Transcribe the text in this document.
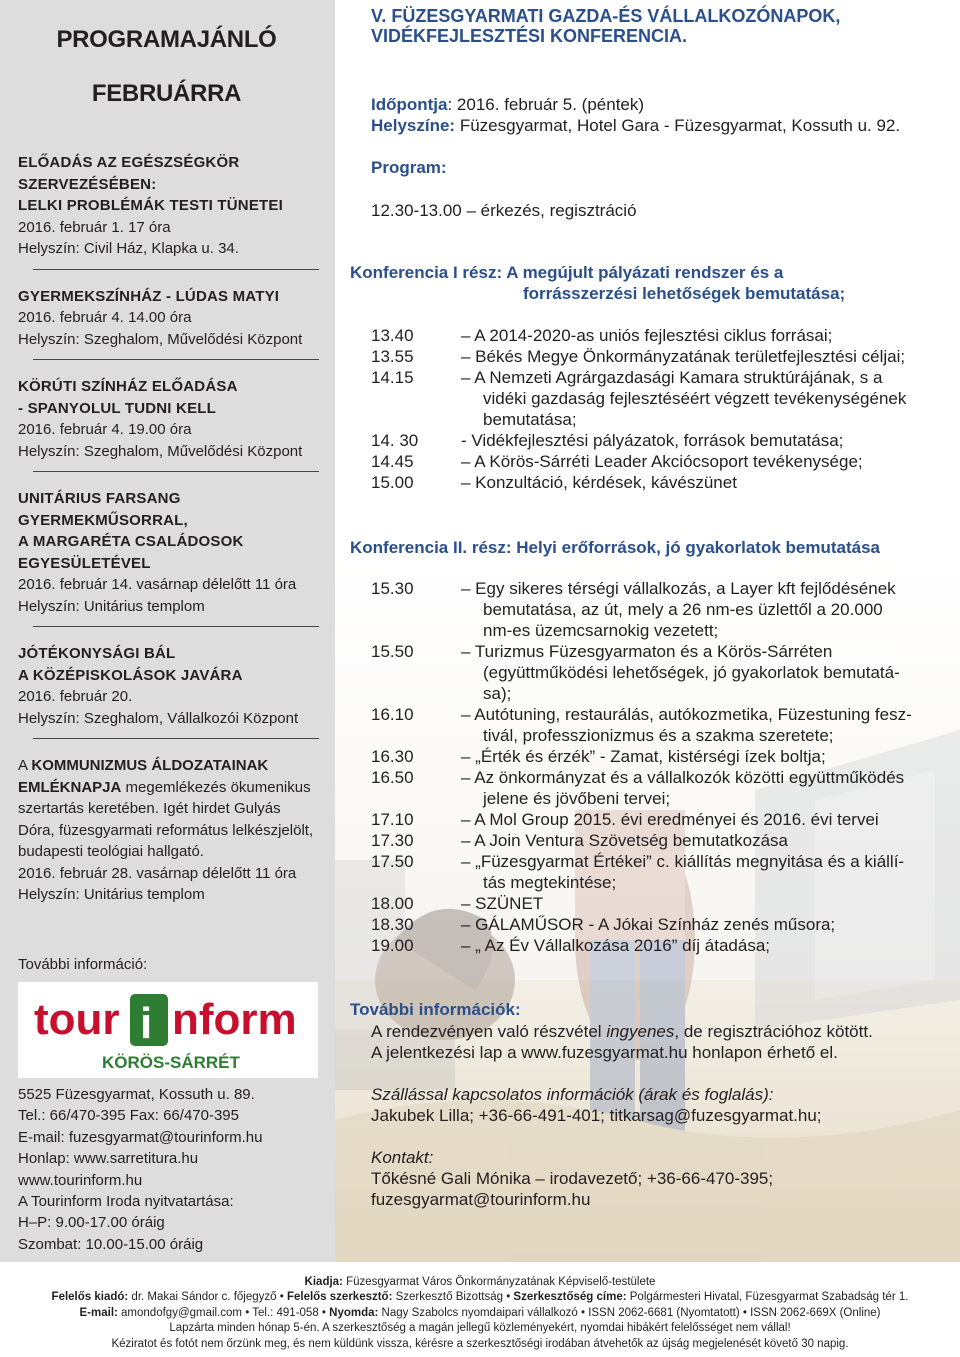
PROGRAMAJÁNLÓ
FEBRUÁRRA
ELŐADÁS AZ EGÉSZSÉGKÖR
SZERVEZÉSÉBEN:
LELKI PROBLÉMÁK TESTI TÜNETEI
2016. február 1. 17 óra
Helyszín: Civil Ház, Klapka u. 34.
GYERMEKSZÍNHÁZ - LÚDAS MATYI
2016. február 4. 14.00 óra
Helyszín: Szeghalom, Művelődési Központ
KÖRÚTI SZÍNHÁZ ELŐADÁSA
- SPANYOLUL TUDNI KELL
2016. február 4. 19.00 óra
Helyszín: Szeghalom, Művelődési Központ
UNITÁRIUS FARSANG
GYERMEKMŰSORRAL,
A MARGARÉTA CSALÁDOSOK
EGYESÜLETÉVEL
2016. február 14. vasárnap délelőtt 11 óra
Helyszín: Unitárius templom
JÓTÉKONYSÁGI BÁL
A KÖZÉPISKOLÁSOK JAVÁRA
2016. február 20.
Helyszín: Szeghalom, Vállalkozói Központ
A KOMMUNIZMUS ÁLDOZATAINAK
EMLÉKNAPJA megemlékezés ökumenikus
szertartás keretében. Igét hirdet Gulyás
Dóra, füzesgyarmati református lelkészjelölt,
budapesti teológiai hallgató.
2016. február 28. vasárnap délelőtt 11 óra
Helyszín: Unitárius templom
További információ:
tour i nform
KÖRÖS-SÁRRÉT
5525 Füzesgyarmat, Kossuth u. 89.
Tel.: 66/470-395 Fax: 66/470-395
E-mail: fuzesgyarmat@tourinform.hu
Honlap: www.sarretitura.hu
www.tourinform.hu
A Tourinform Iroda nyitvatartása:
H–P: 9.00-17.00 óráig
Szombat: 10.00-15.00 óráig
V. FÜZESGYARMATI GAZDA-ÉS VÁLLALKOZÓNAPOK,
VIDÉKFEJLESZTÉSI KONFERENCIA.
Időpontja: 2016. február 5. (péntek)
Helyszíne: Füzesgyarmat, Hotel Gara - Füzesgyarmat, Kossuth u. 92.
Program:
12.30-13.00 – érkezés, regisztráció
Konferencia I rész: A megújult pályázati rendszer és a
forrásszerzési lehetőségek bemutatása;
13.40	– A 2014-2020-as uniós fejlesztési ciklus forrásai;
13.55	– Békés Megye Önkormányzatának területfejlesztési céljai;
14.15	– A Nemzeti Agrárgazdasági Kamara struktúrájának, s a
vidéki gazdaság fejlesztéséért végzett tevékenységének
bemutatása;
14. 30	- Vidékfejlesztési pályázatok, források bemutatása;
14.45	– A Körös-Sárréti Leader Akciócsoport tevékenysége;
15.00	– Konzultáció, kérdések, kávészünet
Konferencia II. rész: Helyi erőforrások, jó gyakorlatok bemutatása
15.30	– Egy sikeres térségi vállalkozás, a Layer kft fejlődésének
bemutatása, az út, mely a 26 nm-es üzlettől a 20.000
nm-es üzemcsarnokig vezetett;
15.50	– Turizmus Füzesgyarmaton és a Körös-Sárréten
(együttműködési lehetőségek, jó gyakorlatok bemutatá-
sa);
16.10	– Autótuning, restaurálás, autókozmetika, Füzestuning fesz-
tivál, professzionizmus és a szakma szeretete;
16.30	– „Érték és érzék” - Zamat, kistérségi ízek boltja;
16.50	– Az önkormányzat és a vállalkozók közötti együttműködés
jelene és jövőbeni tervei;
17.10	– A Mol Group 2015. évi eredményei és 2016. évi tervei
17.30	– A Join Ventura Szövetség bemutatkozása
17.50	– „Füzesgyarmat Értékei” c. kiállítás megnyitása és a kiállí-
tás megtekintése;
18.00	– SZÜNET
18.30	– GÁLAMŰSOR - A Jókai Színház zenés műsora;
19.00	– „ Az Év Vállalkozása 2016” díj átadása;
További információk:
A rendezvényen való részvétel ingyenes, de regisztrációhoz kötött.
A jelentkezési lap a www.fuzesgyarmat.hu honlapon érhető el.
Szállással kapcsolatos információk (árak és foglalás):
Jakubek Lilla; +36-66-491-401; titkarsag@fuzesgyarmat.hu;
Kontakt:
Tőkésné Gali Mónika – irodavezető; +36-66-470-395;
fuzesgyarmat@tourinform.hu
Kiadja: Füzesgyarmat Város Önkormányzatának Képviselő-testülete
Felelős kiadó: dr. Makai Sándor c. főjegyző • Felelős szerkesztő: Szerkesztő Bizottság • Szerkesztőség címe: Polgármesteri Hivatal, Füzesgyarmat Szabadság tér 1.
E-mail: amondofgy@gmail.com • Tel.: 491-058 • Nyomda: Nagy Szabolcs nyomdaipari vállalkozó • ISSN 2062-6681 (Nyomtatott) • ISSN 2062-669X (Online)
Lapzárta minden hónap 5-én. A szerkesztőség a magán jellegű közleményekért, nyomdai hibákért felelősséget nem vállal!
Kéziratot és fotót nem őrzünk meg, és nem küldünk vissza, kérésre a szerkesztőségi irodában átvehetők az újság megjelenését követő 30 napig.
